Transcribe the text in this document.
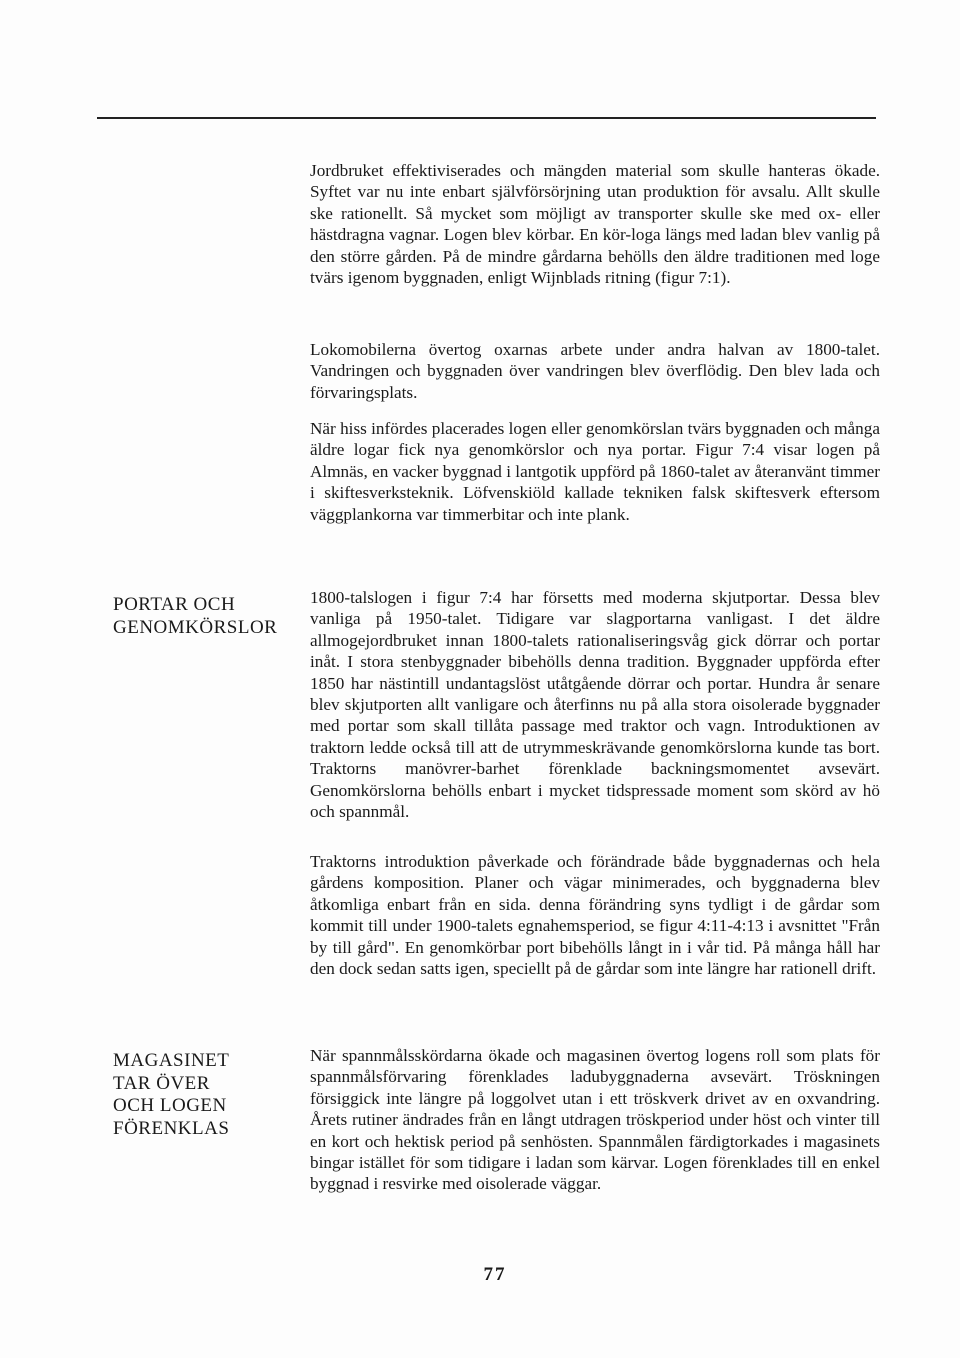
Jordbruket effektiviserades och mängden material som skulle hanteras ökade. Syftet var nu inte enbart självförsörjning utan produktion för avsalu. Allt skulle ske rationellt. Så mycket som möjligt av transporter skulle ske med ox- eller hästdragna vagnar. Logen blev körbar. En kör-loga längs med ladan blev vanlig på den större gården. På de mindre gårdarna behölls den äldre traditionen med loge tvärs igenom byggnaden, enligt Wijnblads ritning (figur 7:1).

Lokomobilerna övertog oxarnas arbete under andra halvan av 1800-talet. Vandringen och byggnaden över vandringen blev överflödig. Den blev lada och förvaringsplats.

När hiss infördes placerades logen eller genomkörslan tvärs byggnaden och många äldre logar fick nya genomkörslor och nya portar. Figur 7:4 visar logen på Almnäs, en vacker byggnad i lantgotik uppförd på 1860-talet av återanvänt timmer i skiftesverksteknik. Löfvenskiöld kallade tekniken falsk skiftesverk eftersom väggplankorna var timmerbitar och inte plank.

PORTAR OCH
GENOMKÖRSLOR

1800-talslogen i figur 7:4 har försetts med moderna skjutportar. Dessa blev vanliga på 1950-talet. Tidigare var slagportarna vanligast. I det äldre allmogejordbruket innan 1800-talets rationaliseringsvåg gick dörrar och portar inåt. I stora stenbyggnader bibehölls denna tradition. Byggnader uppförda efter 1850 har nästintill undantagslöst utåtgående dörrar och portar. Hundra år senare blev skjutporten allt vanligare och återfinns nu på alla stora oisolerade byggnader med portar som skall tillåta passage med traktor och vagn. Introduktionen av traktorn ledde också till att de utrymmeskrävande genomkörslorna kunde tas bort. Traktorns manövrer-barhet förenklade backningsmomentet avsevärt. Genomkörslorna behölls enbart i mycket tidspressade moment som skörd av hö och spannmål.

Traktorns introduktion påverkade och förändrade både byggnadernas och hela gårdens komposition. Planer och vägar minimerades, och byggnaderna blev åtkomliga enbart från en sida. denna förändring syns tydligt i de gårdar som kommit till under 1900-talets egnahemsperiod, se figur 4:11-4:13 i avsnittet "Från by till gård". En genomkörbar port bibehölls långt in i vår tid. På många håll har den dock sedan satts igen, speciellt på de gårdar som inte längre har rationell drift.

MAGASINET
TAR ÖVER
OCH LOGEN
FÖRENKLAS

När spannmålsskördarna ökade och magasinen övertog logens roll som plats för spannmålsförvaring förenklades ladubyggnaderna avsevärt. Tröskningen försiggick inte längre på loggolvet utan i ett tröskverk drivet av en oxvandring. Årets rutiner ändrades från en långt utdragen tröskperiod under höst och vinter till en kort och hektisk period på senhösten. Spannmålen färdigtorkades i magasinets bingar istället för som tidigare i ladan som kärvar. Logen förenklades till en enkel byggnad i resvirke med oisolerade väggar.

77
